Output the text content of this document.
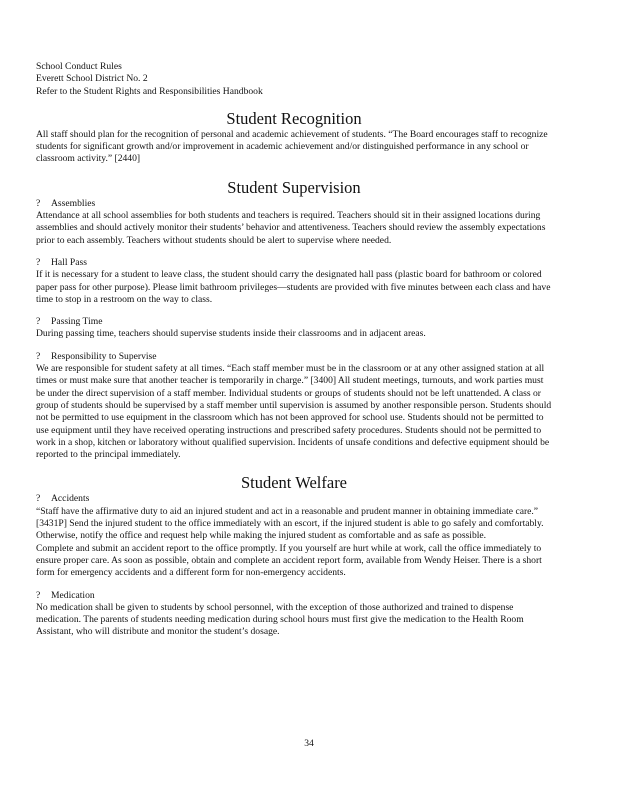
School Conduct Rules

Everett School District No. 2

Refer to the Student Rights and Responsibilities Handbook

Student Recognition

All staff should plan for the recognition of personal and academic achievement of students. “The Board encourages staff to recognize students for significant growth and/or improvement in academic achievement and/or distinguished performance in any school or classroom activity.” [2440]

Student Supervision

? Assemblies

Attendance at all school assemblies for both students and teachers is required. Teachers should sit in their assigned locations during assemblies and should actively monitor their students’ behavior and attentiveness. Teachers should review the assembly expectations prior to each assembly. Teachers without students should be alert to supervise where needed.

? Hall Pass

If it is necessary for a student to leave class, the student should carry the designated hall pass (plastic board for bathroom or colored paper pass for other purpose). Please limit bathroom privileges—students are provided with five minutes between each class and have time to stop in a restroom on the way to class.

? Passing Time

During passing time, teachers should supervise students inside their classrooms and in adjacent areas.

? Responsibility to Supervise

We are responsible for student safety at all times. “Each staff member must be in the classroom or at any other assigned station at all times or must make sure that another teacher is temporarily in charge.” [3400] All student meetings, turnouts, and work parties must be under the direct supervision of a staff member. Individual students or groups of students should not be left unattended. A class or group of students should be supervised by a staff member until supervision is assumed by another responsible person. Students should not be permitted to use equipment in the classroom which has not been approved for school use. Students should not be permitted to use equipment until they have received operating instructions and prescribed safety procedures. Students should not be permitted to work in a shop, kitchen or laboratory without qualified supervision. Incidents of unsafe conditions and defective equipment should be reported to the principal immediately.

Student Welfare

? Accidents

“Staff have the affirmative duty to aid an injured student and act in a reasonable and prudent manner in obtaining immediate care.” [3431P] Send the injured student to the office immediately with an escort, if the injured student is able to go safely and comfortably. Otherwise, notify the office and request help while making the injured student as comfortable and as safe as possible.

Complete and submit an accident report to the office promptly. If you yourself are hurt while at work, call the office immediately to ensure proper care. As soon as possible, obtain and complete an accident report form, available from Wendy Heiser. There is a short form for emergency accidents and a different form for non-emergency accidents.

? Medication

No medication shall be given to students by school personnel, with the exception of those authorized and trained to dispense medication. The parents of students needing medication during school hours must first give the medication to the Health Room Assistant, who will distribute and monitor the student’s dosage.

34
